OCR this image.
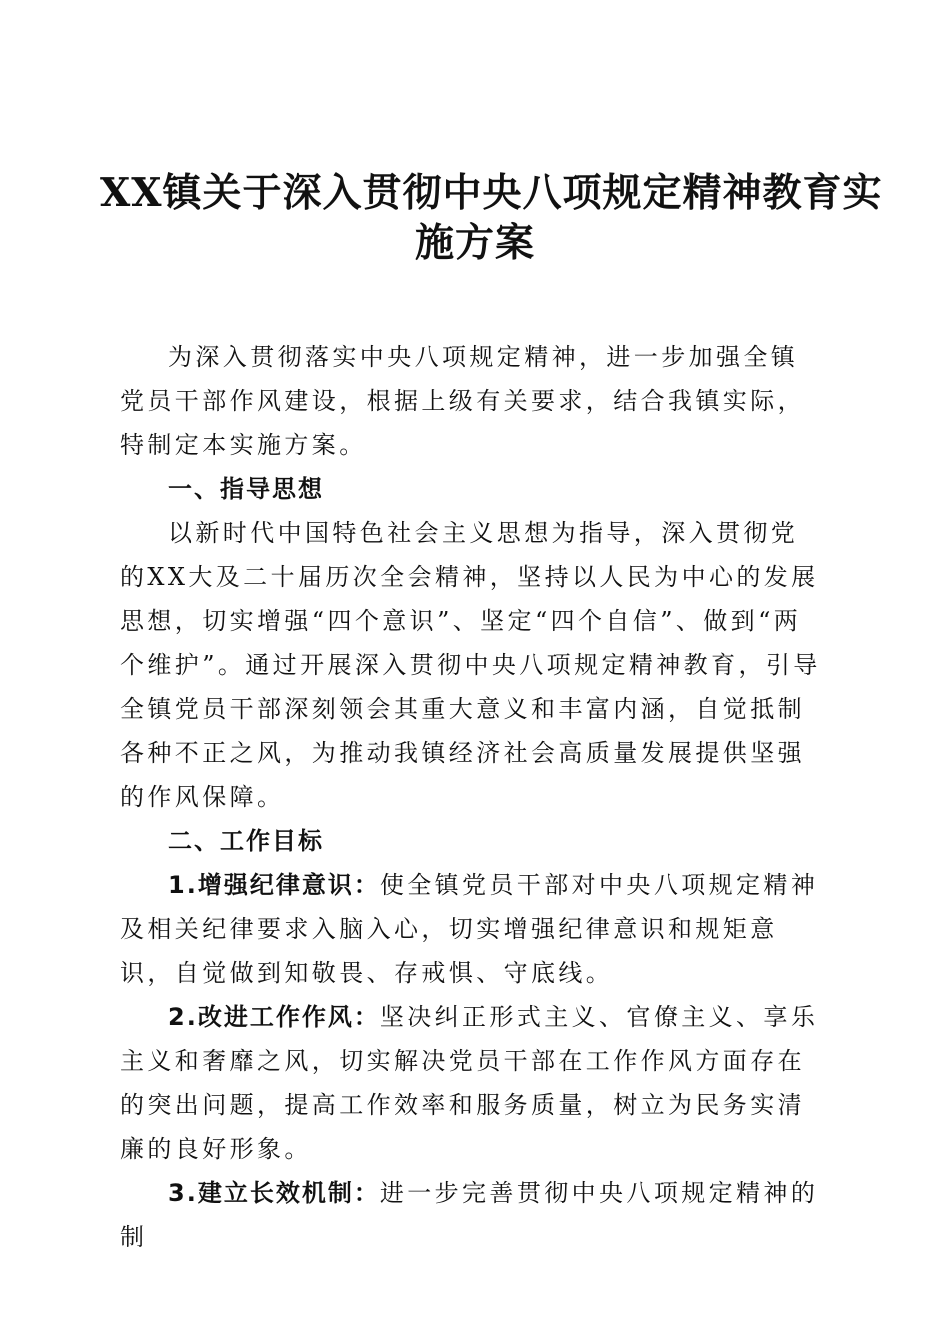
XX镇关于深入贯彻中央八项规定精神教育实
施方案

为深入贯彻落实中央八项规定精神，进一步加强全镇党员干部作风建设，根据上级有关要求，结合我镇实际，特制定本实施方案。

一、指导思想

以新时代中国特色社会主义思想为指导，深入贯彻党的XX大及二十届历次全会精神，坚持以人民为中心的发展思想，切实增强“四个意识”、坚定“四个自信”、做到“两个维护”。通过开展深入贯彻中央八项规定精神教育，引导全镇党员干部深刻领会其重大意义和丰富内涵，自觉抵制各种不正之风，为推动我镇经济社会高质量发展提供坚强的作风保障。

二、工作目标

1.增强纪律意识：使全镇党员干部对中央八项规定精神及相关纪律要求入脑入心，切实增强纪律意识和规矩意识，自觉做到知敬畏、存戒惧、守底线。

2.改进工作作风：坚决纠正形式主义、官僚主义、享乐主义和奢靡之风，切实解决党员干部在工作作风方面存在的突出问题，提高工作效率和服务质量，树立为民务实清廉的良好形象。

3.建立长效机制：进一步完善贯彻中央八项规定精神的制
